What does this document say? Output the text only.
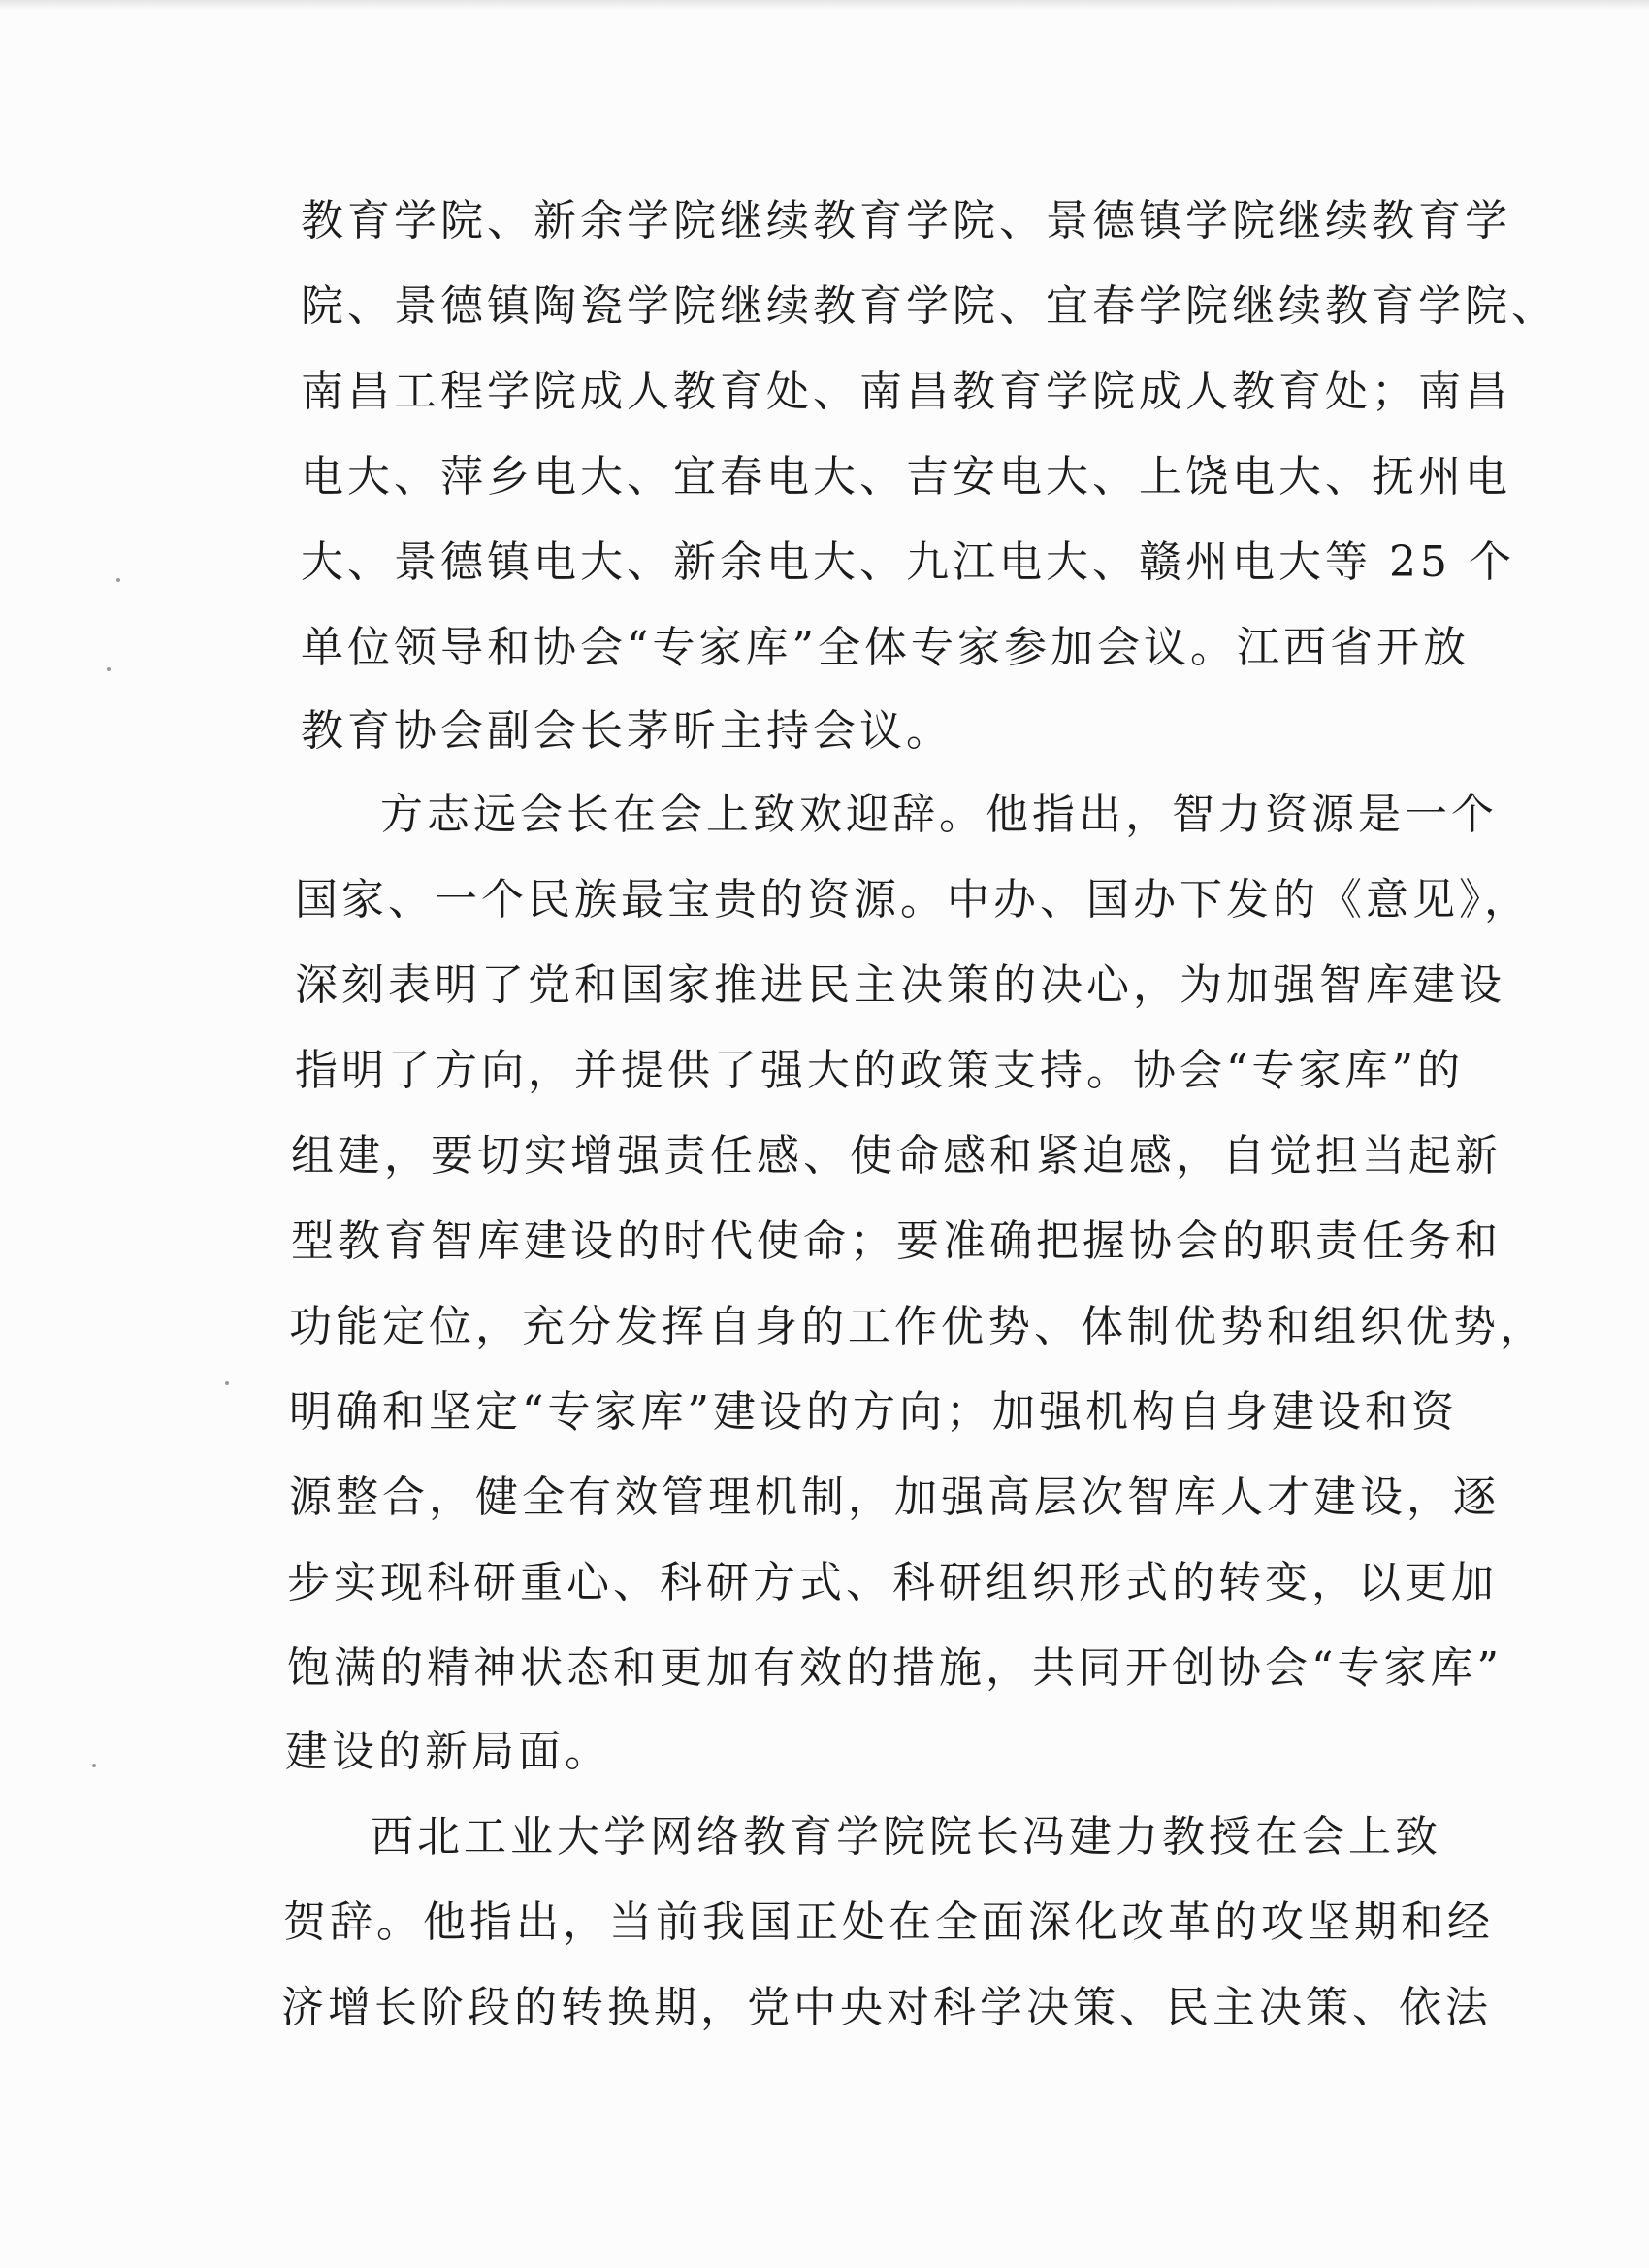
教育学院、新余学院继续教育学院、景德镇学院继续教育学
院、景德镇陶瓷学院继续教育学院、宜春学院继续教育学院、
南昌工程学院成人教育处、南昌教育学院成人教育处；南昌
电大、萍乡电大、宜春电大、吉安电大、上饶电大、抚州电
大、景德镇电大、新余电大、九江电大、赣州电大等 25 个
单位领导和协会“专家库”全体专家参加会议。江西省开放
教育协会副会长茅昕主持会议。
方志远会长在会上致欢迎辞。他指出，智力资源是一个
国家、一个民族最宝贵的资源。中办、国办下发的《意见》，
深刻表明了党和国家推进民主决策的决心，为加强智库建设
指明了方向，并提供了强大的政策支持。协会“专家库”的
组建，要切实增强责任感、使命感和紧迫感，自觉担当起新
型教育智库建设的时代使命；要准确把握协会的职责任务和
功能定位，充分发挥自身的工作优势、体制优势和组织优势，
明确和坚定“专家库”建设的方向；加强机构自身建设和资
源整合，健全有效管理机制，加强高层次智库人才建设，逐
步实现科研重心、科研方式、科研组织形式的转变，以更加
饱满的精神状态和更加有效的措施，共同开创协会“专家库”
建设的新局面。
西北工业大学网络教育学院院长冯建力教授在会上致
贺辞。他指出，当前我国正处在全面深化改革的攻坚期和经
济增长阶段的转换期，党中央对科学决策、民主决策、依法
